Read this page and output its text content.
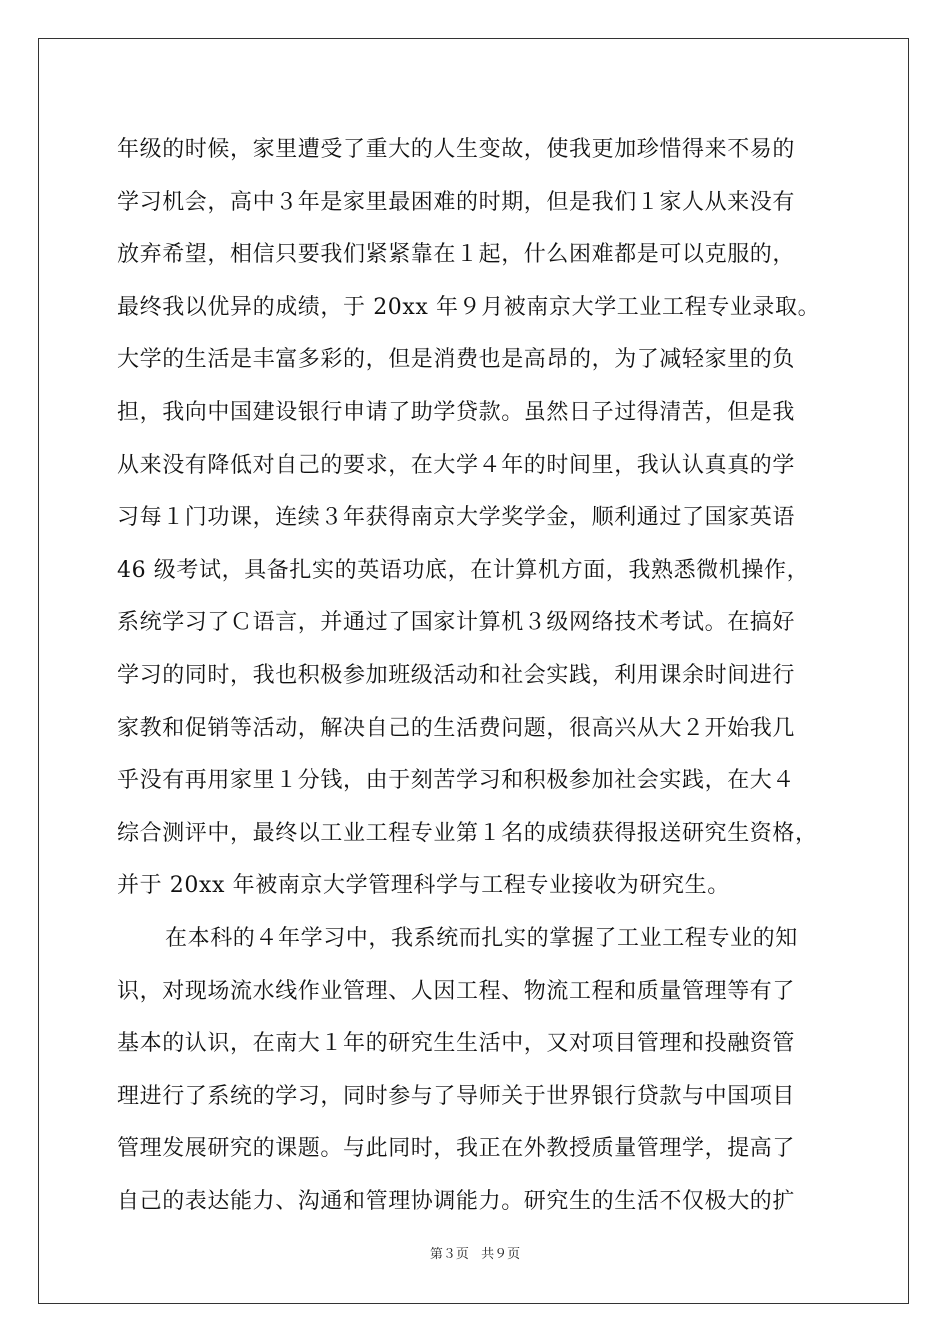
年级的时候，家里遭受了重大的人生变故，使我更加珍惜得来不易的
学习机会，高中３年是家里最困难的时期，但是我们１家人从来没有
放弃希望，相信只要我们紧紧靠在１起，什么困难都是可以克服的，
最终我以优异的成绩，于 20xx 年９月被南京大学工业工程专业录取。
大学的生活是丰富多彩的，但是消费也是高昂的，为了减轻家里的负
担，我向中国建设银行申请了助学贷款。虽然日子过得清苦，但是我
从来没有降低对自己的要求，在大学４年的时间里，我认认真真的学
习每１门功课，连续３年获得南京大学奖学金，顺利通过了国家英语
46 级考试，具备扎实的英语功底，在计算机方面，我熟悉微机操作，
系统学习了Ｃ语言，并通过了国家计算机３级网络技术考试。在搞好
学习的同时，我也积极参加班级活动和社会实践，利用课余时间进行
家教和促销等活动，解决自己的生活费问题，很高兴从大２开始我几
乎没有再用家里１分钱，由于刻苦学习和积极参加社会实践，在大４
综合测评中，最终以工业工程专业第１名的成绩获得报送研究生资格，
并于 20xx 年被南京大学管理科学与工程专业接收为研究生。
在本科的４年学习中，我系统而扎实的掌握了工业工程专业的知
识，对现场流水线作业管理、人因工程、物流工程和质量管理等有了
基本的认识，在南大１年的研究生生活中，又对项目管理和投融资管
理进行了系统的学习，同时参与了导师关于世界银行贷款与中国项目
管理发展研究的课题。与此同时，我正在外教授质量管理学，提高了
自己的表达能力、沟通和管理协调能力。研究生的生活不仅极大的扩
第３页 共９页
